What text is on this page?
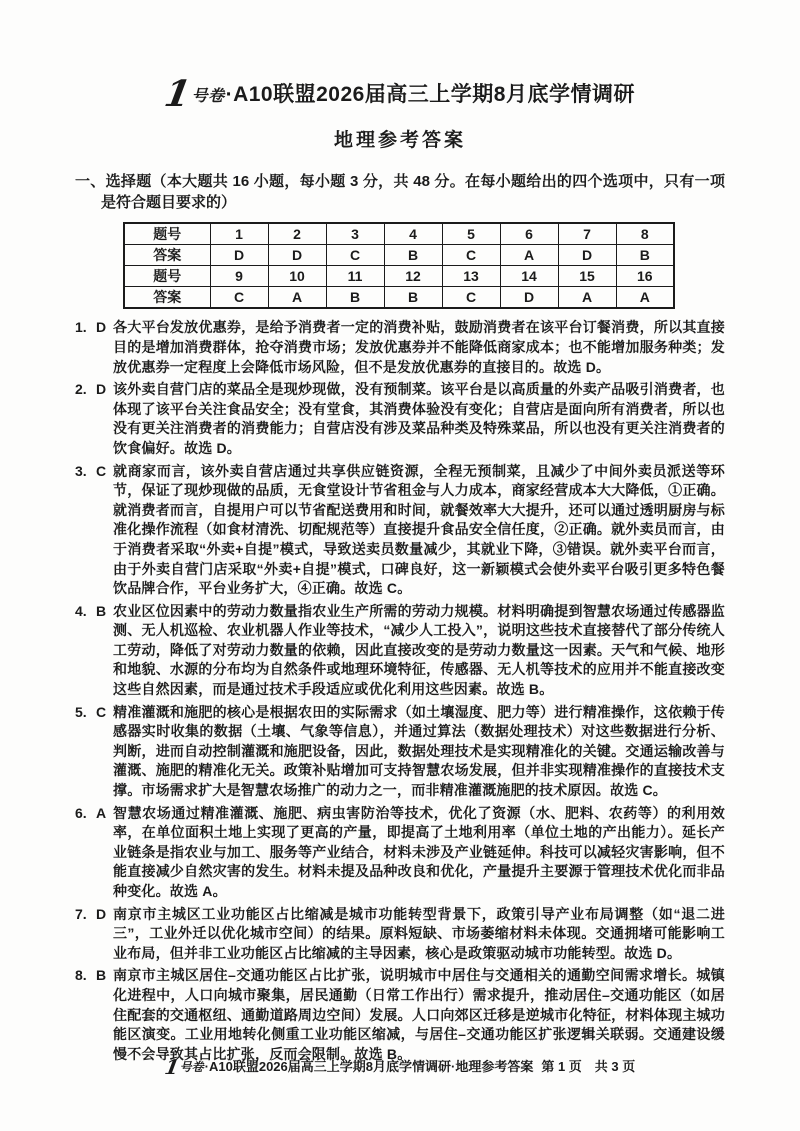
1号卷·A10联盟2026届高三上学期8月底学情调研
地理参考答案
一、选择题（本大题共 16 小题，每小题 3 分，共 48 分。在每小题给出的四个选项中，只有一项是符合题目要求的）
题号	1	2	3	4	5	6	7	8
答案	D	D	C	B	C	A	D	B
题号	9	10	11	12	13	14	15	16
答案	C	A	B	B	C	D	A	A
1. D 各大平台发放优惠券，是给予消费者一定的消费补贴，鼓励消费者在该平台订餐消费，所以其直接目的是增加消费群体，抢夺消费市场；发放优惠券并不能降低商家成本；也不能增加服务种类；发放优惠券一定程度上会降低市场风险，但不是发放优惠券的直接目的。故选 D。
2. D 该外卖自营门店的菜品全是现炒现做，没有预制菜。该平台是以高质量的外卖产品吸引消费者，也体现了该平台关注食品安全；没有堂食，其消费体验没有变化；自营店是面向所有消费者，所以也没有更关注消费者的消费能力；自营店没有涉及菜品种类及特殊菜品，所以也没有更关注消费者的饮食偏好。故选 D。
3. C 就商家而言，该外卖自营店通过共享供应链资源，全程无预制菜，且减少了中间外卖员派送等环节，保证了现炒现做的品质，无食堂设计节省租金与人力成本，商家经营成本大大降低，①正确。就消费者而言，自提用户可以节省配送费用和时间，就餐效率大大提升，还可以通过透明厨房与标准化操作流程（如食材清洗、切配规范等）直接提升食品安全信任度，②正确。就外卖员而言，由于消费者采取“外卖+自提”模式，导致送卖员数量减少，其就业下降，③错误。就外卖平台而言，由于外卖自营门店采取“外卖+自提”模式，口碑良好，这一新颖模式会使外卖平台吸引更多特色餐饮品牌合作，平台业务扩大，④正确。故选 C。
4. B 农业区位因素中的劳动力数量指农业生产所需的劳动力规模。材料明确提到智慧农场通过传感器监测、无人机巡检、农业机器人作业等技术，“减少人工投入”，说明这些技术直接替代了部分传统人工劳动，降低了对劳动力数量的依赖，因此直接改变的是劳动力数量这一因素。天气和气候、地形和地貌、水源的分布均为自然条件或地理环境特征，传感器、无人机等技术的应用并不能直接改变这些自然因素，而是通过技术手段适应或优化利用这些因素。故选 B。
5. C 精准灌溉和施肥的核心是根据农田的实际需求（如土壤湿度、肥力等）进行精准操作，这依赖于传感器实时收集的数据（土壤、气象等信息），并通过算法（数据处理技术）对这些数据进行分析、判断，进而自动控制灌溉和施肥设备，因此，数据处理技术是实现精准化的关键。交通运输改善与灌溉、施肥的精准化无关。政策补贴增加可支持智慧农场发展，但并非实现精准操作的直接技术支撑。市场需求扩大是智慧农场推广的动力之一，而非精准灌溉施肥的技术原因。故选 C。
6. A 智慧农场通过精准灌溉、施肥、病虫害防治等技术，优化了资源（水、肥料、农药等）的利用效率，在单位面积土地上实现了更高的产量，即提高了土地利用率（单位土地的产出能力）。延长产业链条是指农业与加工、服务等产业结合，材料未涉及产业链延伸。科技可以减轻灾害影响，但不能直接减少自然灾害的发生。材料未提及品种改良和优化，产量提升主要源于管理技术优化而非品种变化。故选 A。
7. D 南京市主城区工业功能区占比缩减是城市功能转型背景下，政策引导产业布局调整（如“退二进三”，工业外迁以优化城市空间）的结果。原料短缺、市场萎缩材料未体现。交通拥堵可能影响工业布局，但并非工业功能区占比缩减的主导因素，核心是政策驱动城市功能转型。故选 D。
8. B 南京市主城区居住–交通功能区占比扩张，说明城市中居住与交通相关的通勤空间需求增长。城镇化进程中，人口向城市聚集，居民通勤（日常工作出行）需求提升，推动居住–交通功能区（如居住配套的交通枢纽、通勤道路周边空间）发展。人口向郊区迁移是逆城市化特征，材料体现主城功能区演变。工业用地转化侧重工业功能区缩减，与居住–交通功能区扩张逻辑关联弱。交通建设缓慢不会导致其占比扩张，反而会限制。故选 B。
1号卷·A10联盟2026届高三上学期8月底学情调研·地理参考答案 第 1 页　共 3 页
